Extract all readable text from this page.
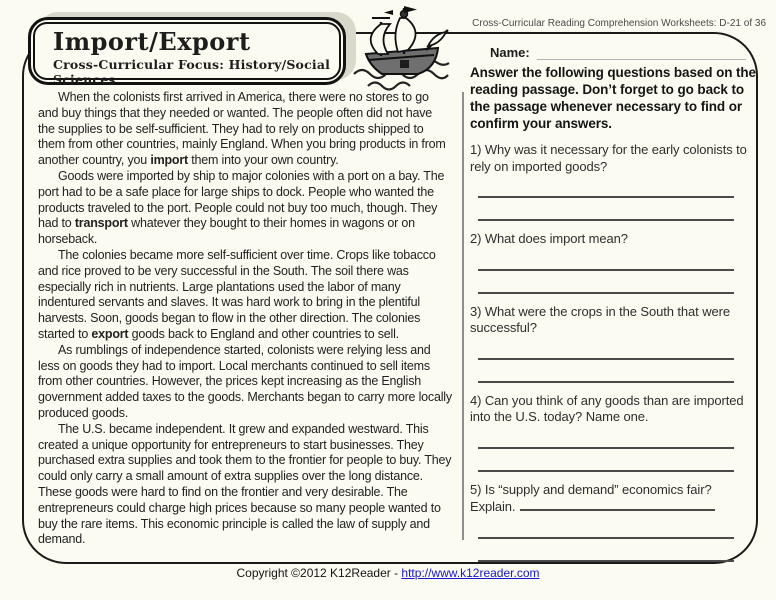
Cross-Curricular Reading Comprehension Worksheets: D-21 of 36
Import/Export
Cross-Curricular Focus: History/Social Sciences

When the colonists first arrived in America, there were no stores to go and buy things that they needed or wanted. The people often did not have the supplies to be self-sufficient. They had to rely on products shipped to them from other countries, mainly England. When you bring products in from another country, you import them into your own country.

Goods were imported by ship to major colonies with a port on a bay. The port had to be a safe place for large ships to dock. People who wanted the products traveled to the port. People could not buy too much, though. They had to transport whatever they bought to their homes in wagons or on horseback.

The colonies became more self-sufficient over time. Crops like tobacco and rice proved to be very successful in the South. The soil there was especially rich in nutrients. Large plantations used the labor of many indentured servants and slaves. It was hard work to bring in the plentiful harvests. Soon, goods began to flow in the other direction. The colonies started to export goods back to England and other countries to sell.

As rumblings of independence started, colonists were relying less and less on goods they had to import. Local merchants continued to sell items from other countries. However, the prices kept increasing as the English government added taxes to the goods. Merchants began to carry more locally produced goods.

The U.S. became independent. It grew and expanded westward. This created a unique opportunity for entrepreneurs to start businesses. They purchased extra supplies and took them to the frontier for people to buy. They could only carry a small amount of extra supplies over the long distance. These goods were hard to find on the frontier and very desirable. The entrepreneurs could charge high prices because so many people wanted to buy the rare items. This economic principle is called the law of supply and demand.

Name:
Answer the following questions based on the reading passage. Don’t forget to go back to the passage whenever necessary to find or confirm your answers.
1) Why was it necessary for the early colonists to rely on imported goods?
2) What does import mean?
3) What were the crops in the South that were successful?
4) Can you think of any goods than are imported into the U.S. today? Name one.
5) Is “supply and demand” economics fair? Explain.
Copyright ©2012 K12Reader - http://www.k12reader.com
